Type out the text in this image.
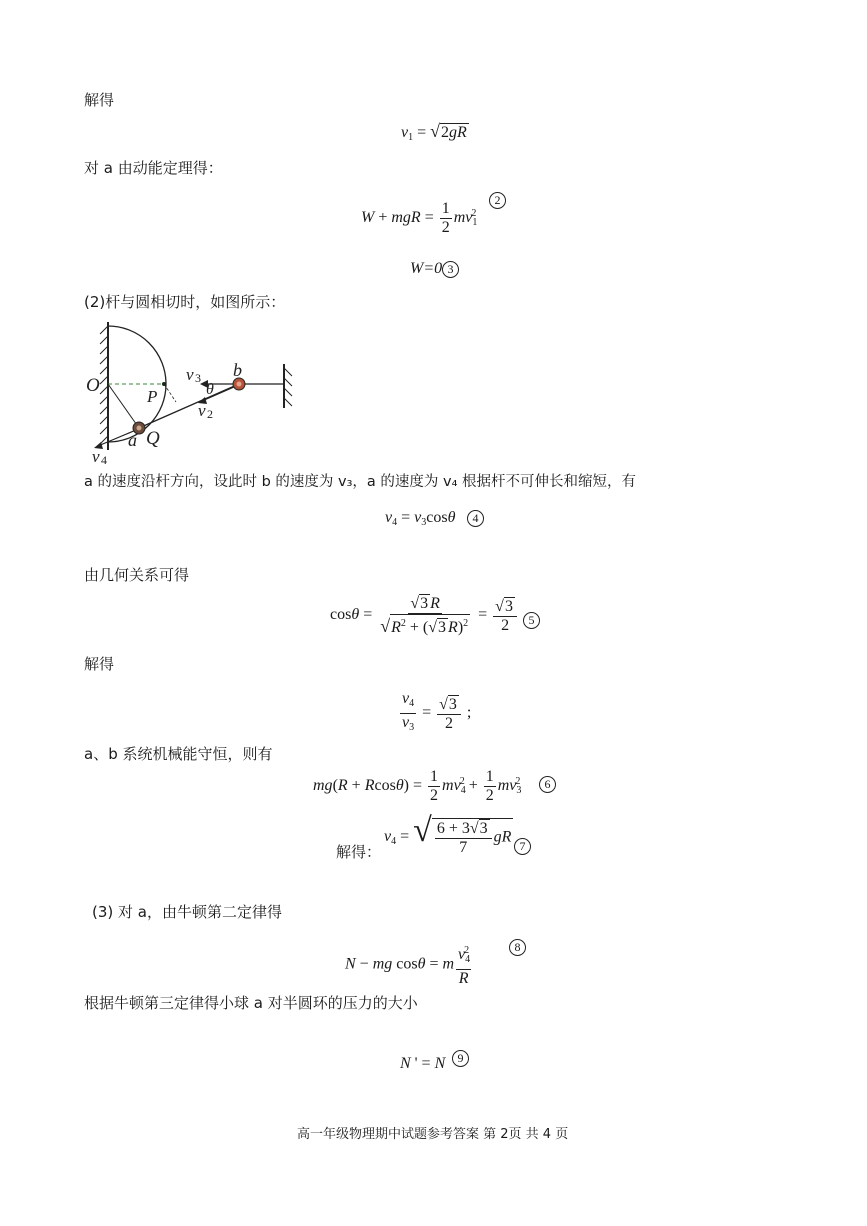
解得
$v_1 = √2gR$
对 a 由动能定理得：
W + mgR = $\frac{1}{2} mv_1^2$
2
W=0 3
(2)杆与圆相切时，如图所示：
O
P
Q
a
b
θ
v 3
v 2
v 4
a 的速度沿杆方向，设此时 b 的速度为 v₃，a 的速度为 v₄ 根据杆不可伸长和缩短，有
$v_4 = v_3\cos\theta$	4
由几何关系可得
$\cos\theta = \frac{√3 R}{√R^2 + (√3 R)^2} = \frac{√3}{2} 5$
解得
$\frac{v_4}{v_3} = \frac{√3}{2}$ ;
a、b 系统机械能守恒，则有
$mg(R + Rcos\theta) = \frac{1}{2} mv_4^2 + \frac{1}{2} mv_3^2$	6
解得：
$v_4$ = √ $\frac{6 + 3√3}{7}$ gR
7
(3) 对 a，由牛顿第二定律得
N − mg cosθ = m $\frac{v_4^2}{R}$	8
根据牛顿第三定律得小球 a 对半圆环的压力的大小
N ' = N	9
高一年级物理期中试题参考答案 第 2页 共 4 页
